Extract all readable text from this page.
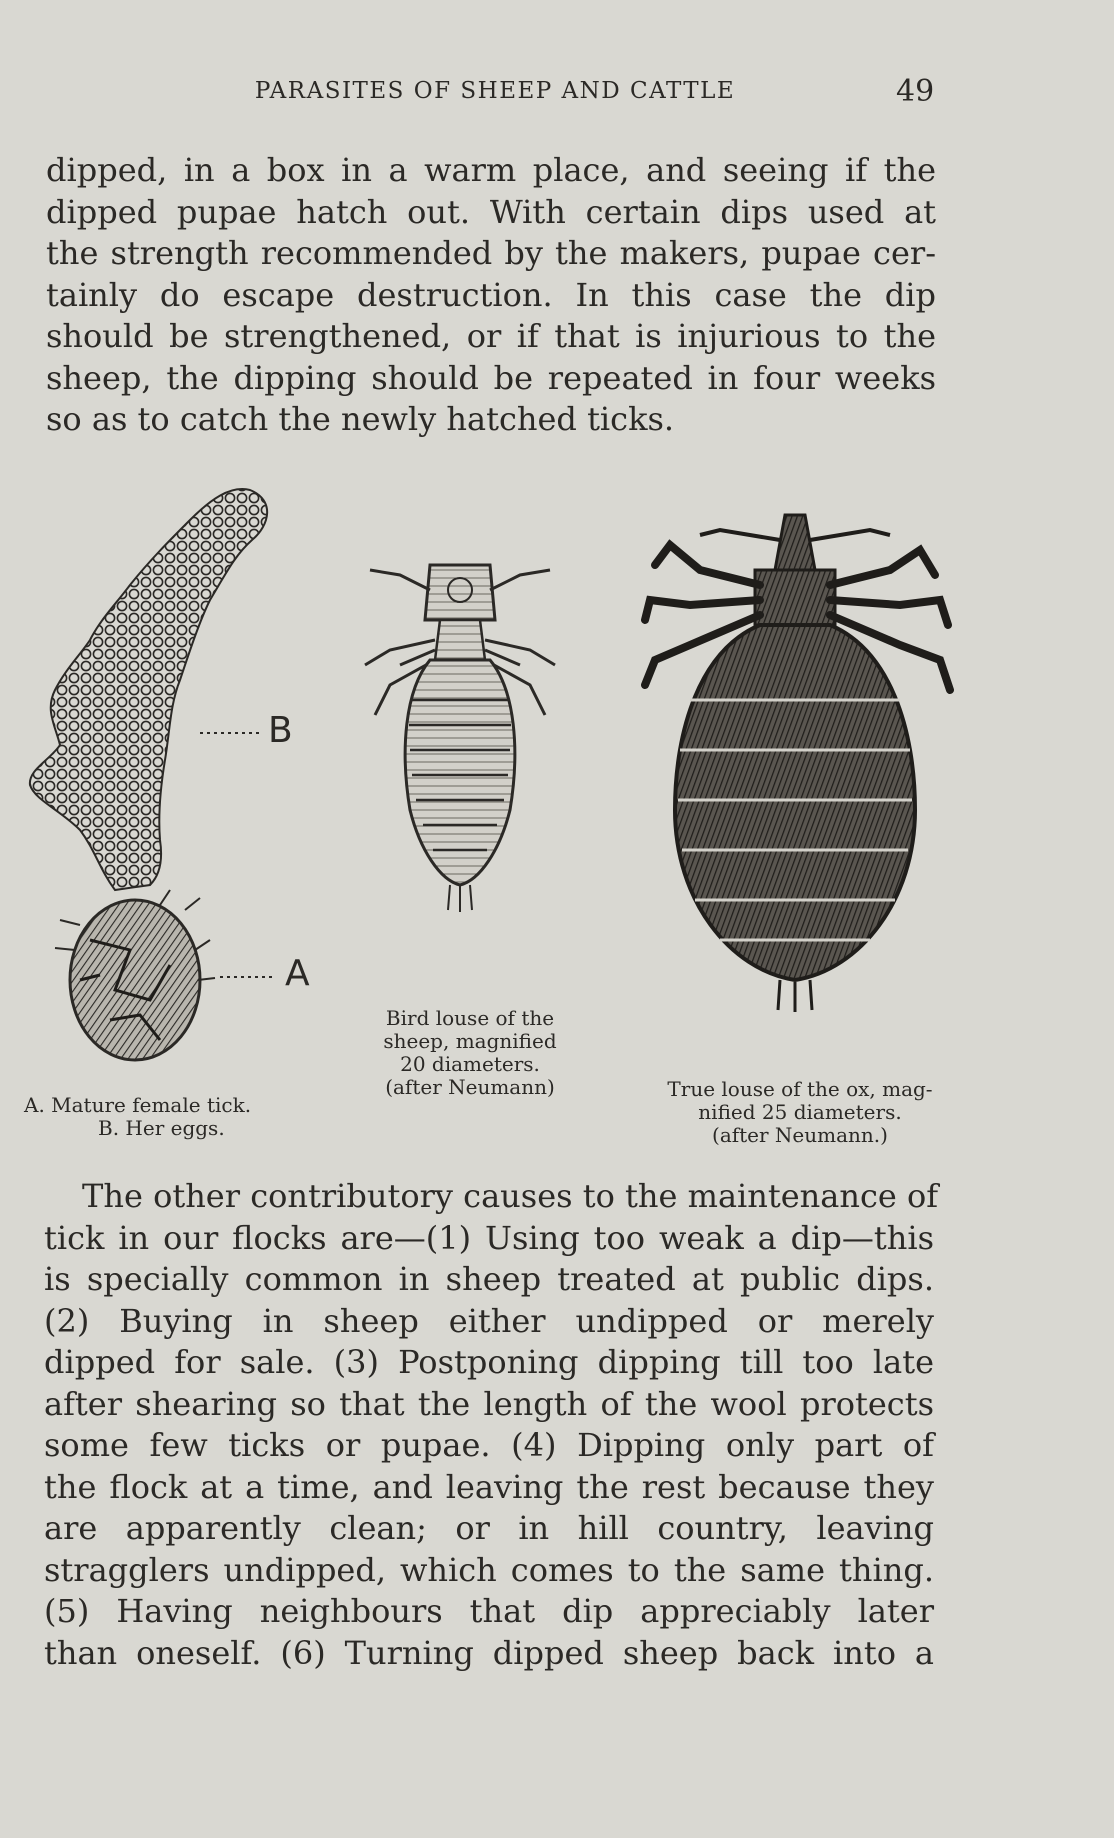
PARASITES OF SHEEP AND CATTLE	49
dipped, in a box in a warm place, and seeing if the
dipped pupae hatch out. With certain dips used at
the strength recommended by the makers, pupae cer-
tainly do escape destruction. In this case the dip
should be strengthened, or if that is injurious to the
sheep, the dipping should be repeated in four weeks
so as to catch the newly hatched ticks.
B
A
A. Mature female tick.
B. Her eggs.
Bird louse of the
sheep, magnified
20 diameters.
(after Neumann)	True louse of the ox, mag-
nified 25 diameters.
(after Neumann.)
The other contributory causes to the maintenance of
tick in our flocks are—(1) Using too weak a dip—this
is specially common in sheep treated at public dips.
(2) Buying in sheep either undipped or merely
dipped for sale. (3) Postponing dipping till too late
after shearing so that the length of the wool protects
some few ticks or pupae. (4) Dipping only part of
the flock at a time, and leaving the rest because they
are apparently clean; or in hill country, leaving
stragglers undipped, which comes to the same thing.
(5) Having neighbours that dip appreciably later
than oneself. (6) Turning dipped sheep back into a
